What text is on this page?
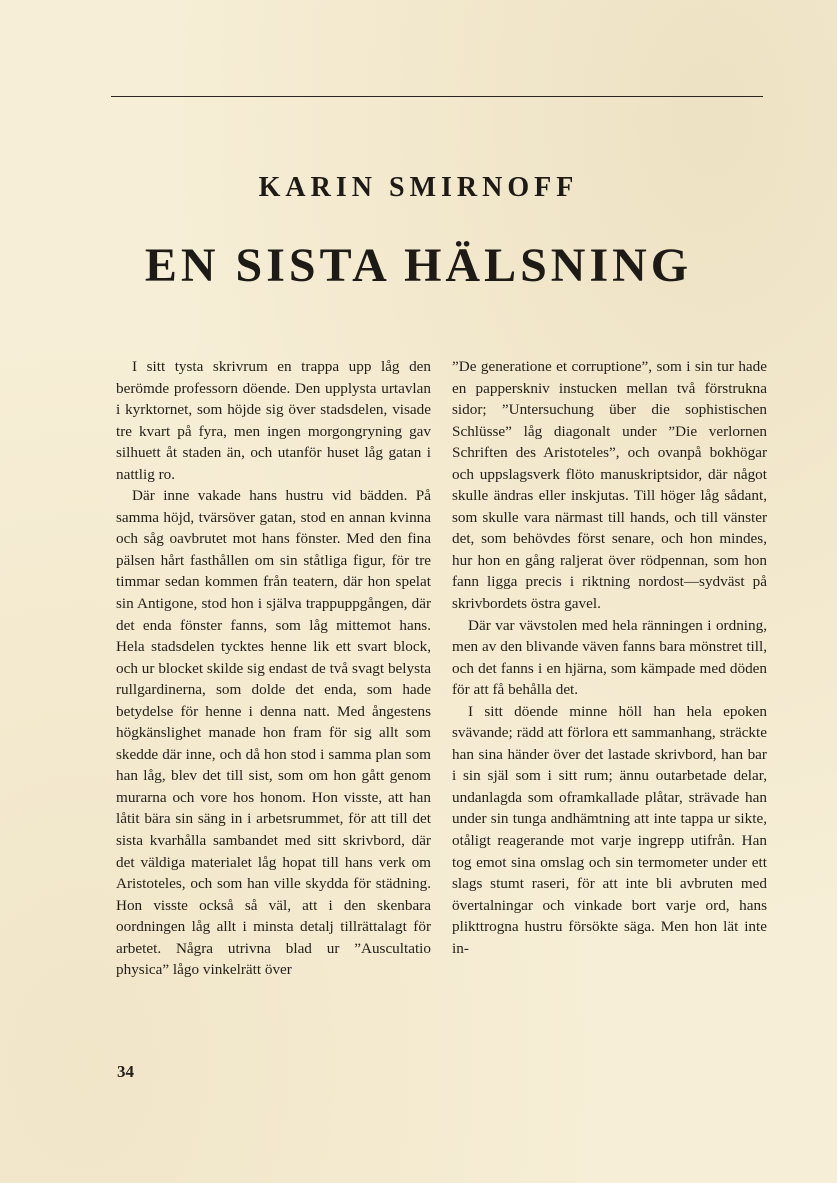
KARIN SMIRNOFF
EN SISTA HÄLSNING

I sitt tysta skrivrum en trappa upp låg den berömde professorn döende. Den upplysta urtavlan i kyrktornet, som höjde sig över stadsdelen, visade tre kvart på fyra, men ingen morgongryning gav silhuett åt staden än, och utanför huset låg gatan i nattlig ro.

Där inne vakade hans hustru vid bädden. På samma höjd, tvärsöver gatan, stod en annan kvinna och såg oavbrutet mot hans fönster. Med den fina pälsen hårt fasthållen om sin ståtliga figur, för tre timmar sedan kommen från teatern, där hon spelat sin Antigone, stod hon i själva trappuppgången, där det enda fönster fanns, som låg mittemot hans. Hela stadsdelen tycktes henne lik ett svart block, och ur blocket skilde sig endast de två svagt belysta rullgardinerna, som dolde det enda, som hade betydelse för henne i denna natt. Med ångestens högkänslighet manade hon fram för sig allt som skedde där inne, och då hon stod i samma plan som han låg, blev det till sist, som om hon gått genom murarna och vore hos honom. Hon visste, att han låtit bära sin säng in i arbetsrummet, för att till det sista kvarhålla sambandet med sitt skrivbord, där det väldiga materialet låg hopat till hans verk om Aristoteles, och som han ville skydda för städning. Hon visste också så väl, att i den skenbara oordningen låg allt i minsta detalj tillrättalagt för arbetet. Några utrivna blad ur ”Auscultatio physica” lågo vinkelrätt över

”De generatione et corruptione”, som i sin tur hade en papperskniv instucken mellan två förstrukna sidor; ”Untersuchung über die sophistischen Schlüsse” låg diagonalt under ”Die verlornen Schriften des Aristoteles”, och ovanpå bokhögar och uppslagsverk flöto manuskriptsidor, där något skulle ändras eller inskjutas. Till höger låg sådant, som skulle vara närmast till hands, och till vänster det, som behövdes först senare, och hon mindes, hur hon en gång raljerat över rödpennan, som hon fann ligga precis i riktning nordost—sydväst på skrivbordets östra gavel.

Där var vävstolen med hela ränningen i ordning, men av den blivande väven fanns bara mönstret till, och det fanns i en hjärna, som kämpade med döden för att få behålla det.

I sitt döende minne höll han hela epoken svävande; rädd att förlora ett sammanhang, sträckte han sina händer över det lastade skrivbord, han bar i sin själ som i sitt rum; ännu outarbetade delar, undanlagda som oframkallade plåtar, strävade han under sin tunga andhämtning att inte tappa ur sikte, otåligt reagerande mot varje ingrepp utifrån. Han tog emot sina omslag och sin termometer under ett slags stumt raseri, för att inte bli avbruten med övertalningar och vinkade bort varje ord, hans plikttrogna hustru försökte säga. Men hon lät inte in-

34
